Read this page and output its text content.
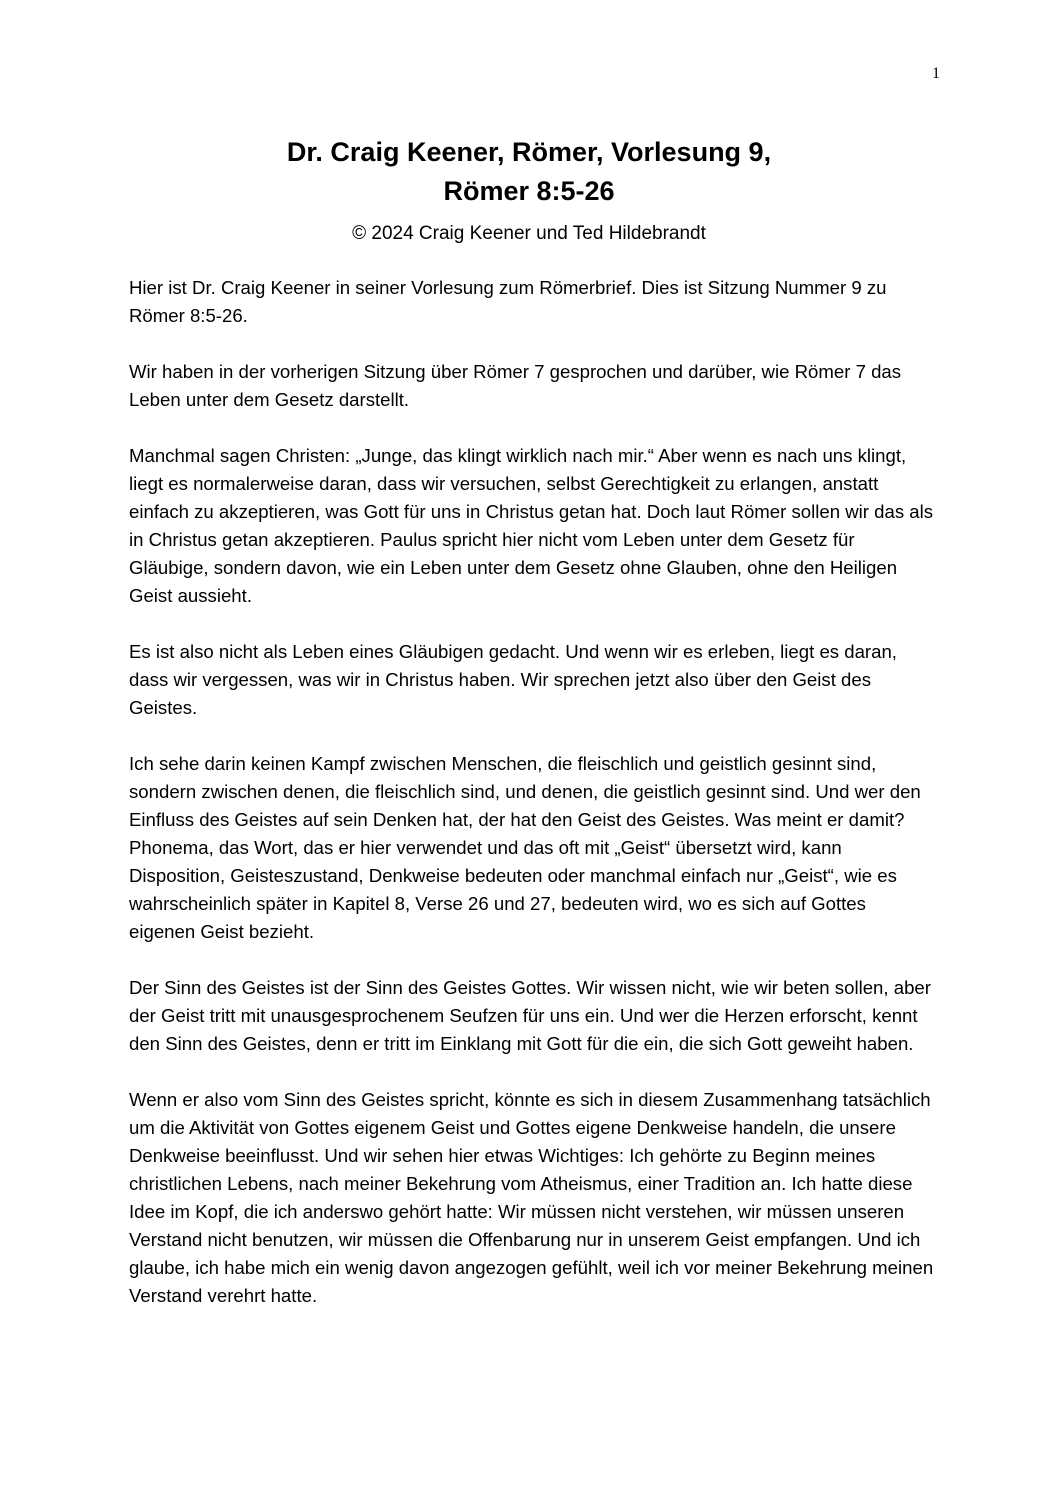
1
Dr. Craig Keener, Römer, Vorlesung 9,
Römer 8:5-26
© 2024 Craig Keener und Ted Hildebrandt

Hier ist Dr. Craig Keener in seiner Vorlesung zum Römerbrief. Dies ist Sitzung Nummer 9 zu Römer 8:5-26.

Wir haben in der vorherigen Sitzung über Römer 7 gesprochen und darüber, wie Römer 7 das Leben unter dem Gesetz darstellt.

Manchmal sagen Christen: „Junge, das klingt wirklich nach mir.“ Aber wenn es nach uns klingt, liegt es normalerweise daran, dass wir versuchen, selbst Gerechtigkeit zu erlangen, anstatt einfach zu akzeptieren, was Gott für uns in Christus getan hat. Doch laut Römer sollen wir das als in Christus getan akzeptieren. Paulus spricht hier nicht vom Leben unter dem Gesetz für Gläubige, sondern davon, wie ein Leben unter dem Gesetz ohne Glauben, ohne den Heiligen Geist aussieht.

Es ist also nicht als Leben eines Gläubigen gedacht. Und wenn wir es erleben, liegt es daran, dass wir vergessen, was wir in Christus haben. Wir sprechen jetzt also über den Geist des Geistes.

Ich sehe darin keinen Kampf zwischen Menschen, die fleischlich und geistlich gesinnt sind, sondern zwischen denen, die fleischlich sind, und denen, die geistlich gesinnt sind. Und wer den Einfluss des Geistes auf sein Denken hat, der hat den Geist des Geistes. Was meint er damit? Phonema, das Wort, das er hier verwendet und das oft mit „Geist“ übersetzt wird, kann Disposition, Geisteszustand, Denkweise bedeuten oder manchmal einfach nur „Geist“, wie es wahrscheinlich später in Kapitel 8, Verse 26 und 27, bedeuten wird, wo es sich auf Gottes eigenen Geist bezieht.

Der Sinn des Geistes ist der Sinn des Geistes Gottes. Wir wissen nicht, wie wir beten sollen, aber der Geist tritt mit unausgesprochenem Seufzen für uns ein. Und wer die Herzen erforscht, kennt den Sinn des Geistes, denn er tritt im Einklang mit Gott für die ein, die sich Gott geweiht haben.

Wenn er also vom Sinn des Geistes spricht, könnte es sich in diesem Zusammenhang tatsächlich um die Aktivität von Gottes eigenem Geist und Gottes eigene Denkweise handeln, die unsere Denkweise beeinflusst. Und wir sehen hier etwas Wichtiges: Ich gehörte zu Beginn meines christlichen Lebens, nach meiner Bekehrung vom Atheismus, einer Tradition an. Ich hatte diese Idee im Kopf, die ich anderswo gehört hatte: Wir müssen nicht verstehen, wir müssen unseren Verstand nicht benutzen, wir müssen die Offenbarung nur in unserem Geist empfangen. Und ich glaube, ich habe mich ein wenig davon angezogen gefühlt, weil ich vor meiner Bekehrung meinen Verstand verehrt hatte.
